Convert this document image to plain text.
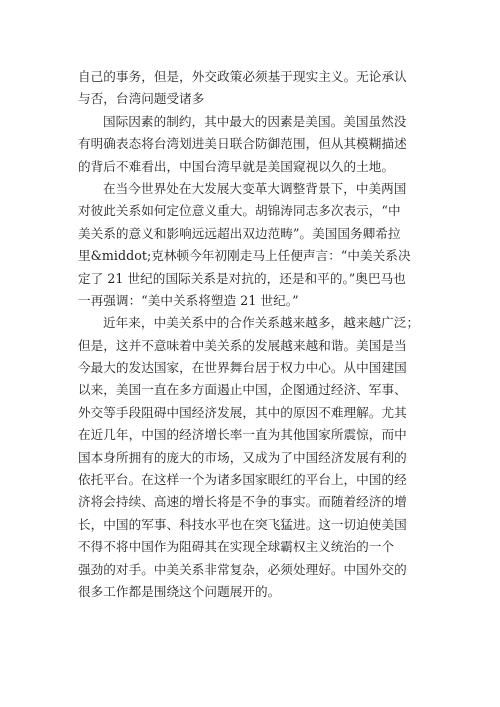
自己的事务，但是，外交政策必须基于现实主义。无论承认
与否，台湾问题受诸多
国际因素的制约，其中最大的因素是美国。美国虽然没
有明确表态将台湾划进美日联合防御范围，但从其模糊描述
的背后不难看出，中国台湾早就是美国窥视以久的土地。
在当今世界处在大发展大变革大调整背景下，中美两国
对彼此关系如何定位意义重大。胡锦涛同志多次表示，“中
美关系的意义和影响远远超出双边范畴”。美国国务卿希拉
里&middot;克林顿今年初刚走马上任便声言：“中美关系决
定了 21 世纪的国际关系是对抗的，还是和平的。”奥巴马也
一再强调：“美中关系将塑造 21 世纪。”
近年来，中美关系中的合作关系越来越多，越来越广泛；
但是，这并不意味着中美关系的发展越来越和谐。美国是当
今最大的发达国家，在世界舞台居于权力中心。从中国建国
以来，美国一直在多方面遏止中国，企图通过经济、军事、
外交等手段阻碍中国经济发展，其中的原因不难理解。尤其
在近几年，中国的经济增长率一直为其他国家所震惊，而中
国本身所拥有的庞大的市场，又成为了中国经济发展有利的
依托平台。在这样一个为诸多国家眼红的平台上，中国的经
济将会持续、高速的增长将是不争的事实。而随着经济的增
长，中国的军事、科技水平也在突飞猛进。这一切迫使美国
不得不将中国作为阻碍其在实现全球霸权主义统治的一个
强劲的对手。中美关系非常复杂，必须处理好。中国外交的
很多工作都是围绕这个问题展开的。
